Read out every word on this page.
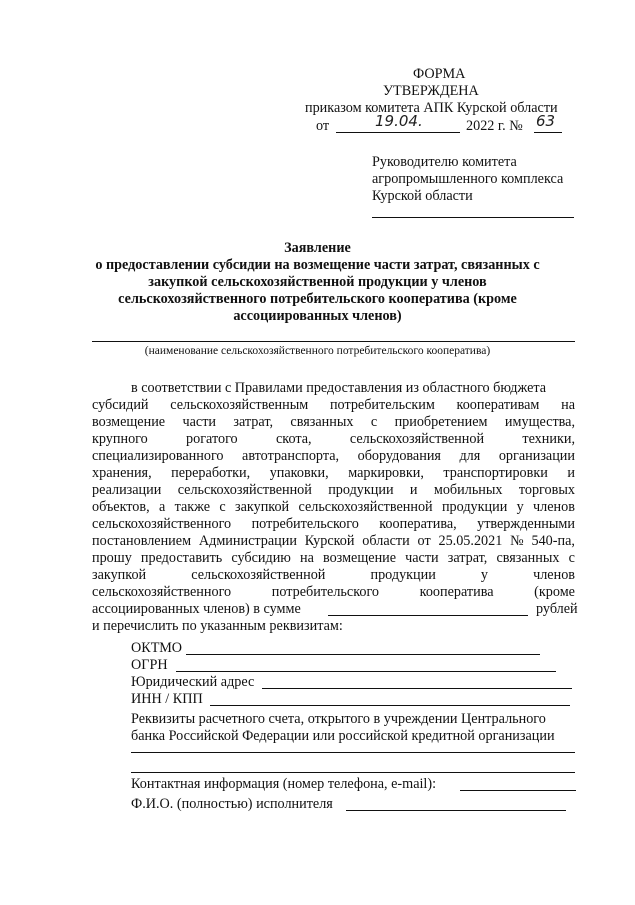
ФОРМА
УТВЕРЖДЕНА
приказом комитета АПК Курской области
от	19.04.	2022 г. № 63
Руководителю комитета
агропромышленного комплекса
Курской области
Заявление
о предоставлении субсидии на возмещение части затрат, связанных с
закупкой сельскохозяйственной продукции у членов
сельскохозяйственного потребительского кооператива (кроме
ассоциированных членов)
(наименование сельскохозяйственного потребительского кооператива)
в соответствии с Правилами предоставления из областного бюджета
субсидий сельскохозяйственным потребительским кооперативам на
возмещение части затрат, связанных с приобретением имущества,
крупного	рогатого	скота,	сельскохозяйственной	техники,
специализированного автотранспорта, оборудования для организации
хранения, переработки, упаковки, маркировки, транспортировки и
реализации сельскохозяйственной продукции и мобильных торговых
объектов, а также с закупкой сельскохозяйственной продукции у членов
сельскохозяйственного потребительского кооператива, утвержденными
постановлением Администрации Курской области от 25.05.2021 № 540-па,
прошу предоставить субсидию на возмещение части затрат, связанных с
закупкой	сельскохозяйственной	продукции	у	членов
сельскохозяйственного	потребительского	кооператива	(кроме
ассоциированных членов) в сумме	рублей
и перечислить по указанным реквизитам:
ОКТМО
ОГРН
Юридический адрес
ИНН / КПП
Реквизиты расчетного счета, открытого в учреждении Центрального
банка Российской Федерации или российской кредитной организации
Контактная информация (номер телефона, e-mail):
Ф.И.О. (полностью) исполнителя
